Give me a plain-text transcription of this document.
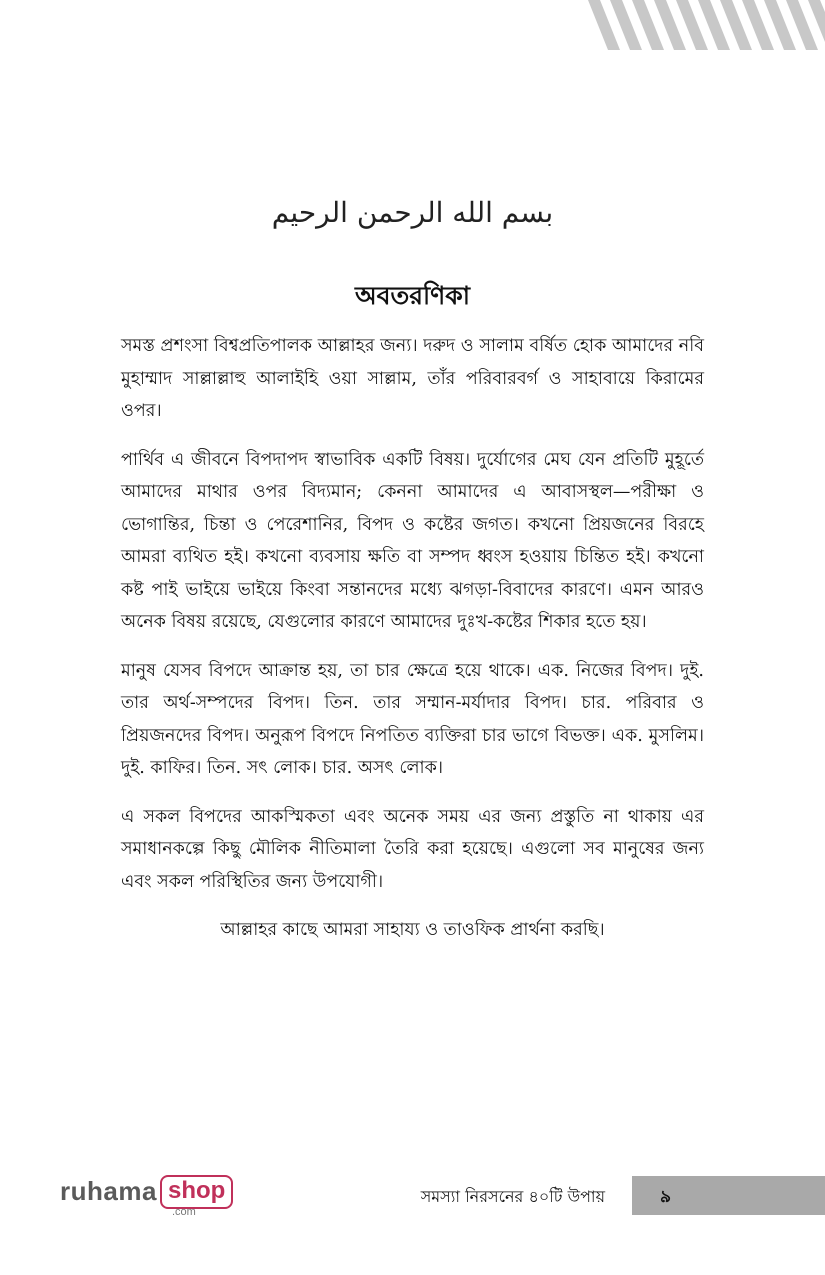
بسم الله الرحمن الرحيم
অবতরণিকা

সমস্ত প্রশংসা বিশ্বপ্রতিপালক আল্লাহর জন্য। দরুদ ও সালাম বর্ষিত হোক আমাদের নবি মুহাম্মাদ সাল্লাল্লাহু আলাইহি ওয়া সাল্লাম, তাঁর পরিবারবর্গ ও সাহাবায়ে কিরামের ওপর।

পার্থিব এ জীবনে বিপদাপদ স্বাভাবিক একটি বিষয়। দুর্যোগের মেঘ যেন প্রতিটি মুহূর্তে আমাদের মাথার ওপর বিদ্যমান; কেননা আমাদের এ আবাসস্থল—পরীক্ষা ও ভোগান্তির, চিন্তা ও পেরেশানির, বিপদ ও কষ্টের জগত। কখনো প্রিয়জনের বিরহে আমরা ব্যথিত হই। কখনো ব্যবসায় ক্ষতি বা সম্পদ ধ্বংস হওয়ায় চিন্তিত হই। কখনো কষ্ট পাই ভাইয়ে ভাইয়ে কিংবা সন্তানদের মধ্যে ঝগড়া-বিবাদের কারণে। এমন আরও অনেক বিষয় রয়েছে, যেগুলোর কারণে আমাদের দুঃখ-কষ্টের শিকার হতে হয়।

মানুষ যেসব বিপদে আক্রান্ত হয়, তা চার ক্ষেত্রে হয়ে থাকে। এক. নিজের বিপদ। দুই. তার অর্থ-সম্পদের বিপদ। তিন. তার সম্মান-মর্যাদার বিপদ। চার. পরিবার ও প্রিয়জনদের বিপদ। অনুরূপ বিপদে নিপতিত ব্যক্তিরা চার ভাগে বিভক্ত। এক. মুসলিম। দুই. কাফির। তিন. সৎ লোক। চার. অসৎ লোক।

এ সকল বিপদের আকস্মিকতা এবং অনেক সময় এর জন্য প্রস্তুতি না থাকায় এর সমাধানকল্পে কিছু মৌলিক নীতিমালা তৈরি করা হয়েছে। এগুলো সব মানুষের জন্য এবং সকল পরিস্থিতির জন্য উপযোগী।

আল্লাহর কাছে আমরা সাহায্য ও তাওফিক প্রার্থনা করছি।

ruhama shop
.com
সমস্যা নিরসনের ৪০টি উপায়	৯
